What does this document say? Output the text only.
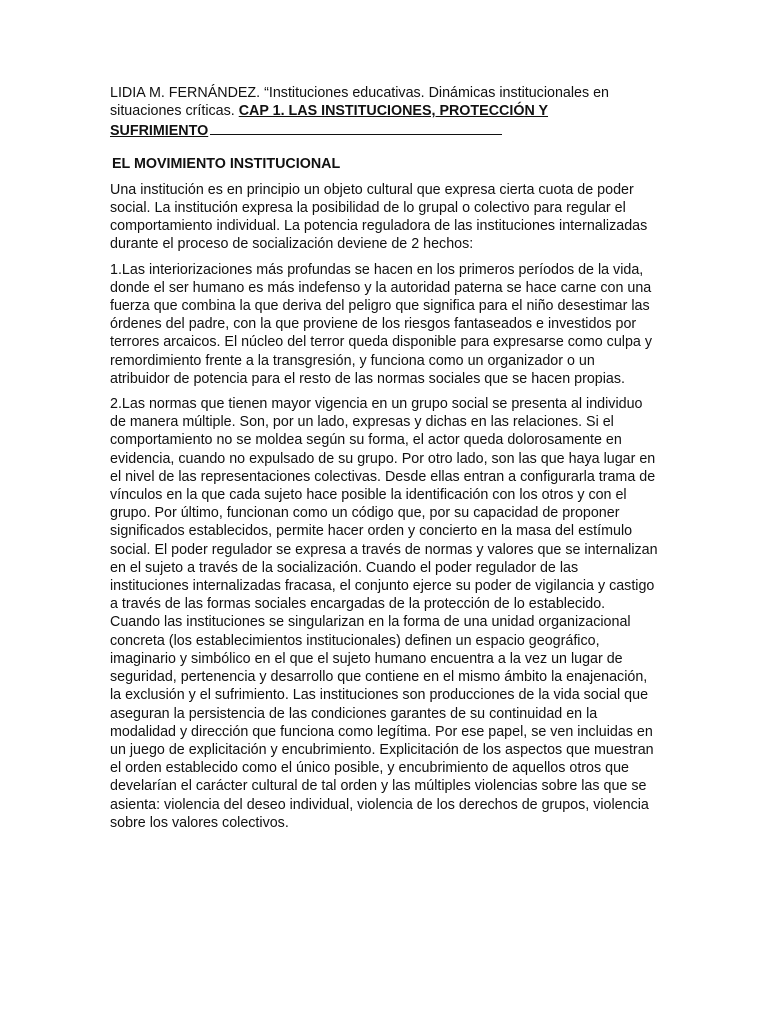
LIDIA M. FERNÁNDEZ. “Instituciones educativas. Dinámicas institucionales en situaciones críticas. CAP 1. LAS INSTITUCIONES, PROTECCIÓN Y
SUFRIMIENTO

EL MOVIMIENTO INSTITUCIONAL

Una institución es en principio un objeto cultural que expresa cierta cuota de poder social. La institución expresa la posibilidad de lo grupal o colectivo para regular el comportamiento individual. La potencia reguladora de las instituciones internalizadas durante el proceso de socialización deviene de 2 hechos:

1.Las interiorizaciones más profundas se hacen en los primeros períodos de la vida, donde el ser humano es más indefenso y la autoridad paterna se hace carne con una fuerza que combina la que deriva del peligro que significa para el niño desestimar las órdenes del padre, con la que proviene de los riesgos fantaseados e investidos por terrores arcaicos. El núcleo del terror queda disponible para expresarse como culpa y remordimiento frente a la transgresión, y funciona como un organizador o un atribuidor de potencia para el resto de las normas sociales que se hacen propias.

2.Las normas que tienen mayor vigencia en un grupo social se presenta al individuo de manera múltiple. Son, por un lado, expresas y dichas en las relaciones. Si el comportamiento no se moldea según su forma, el actor queda dolorosamente en evidencia, cuando no expulsado de su grupo. Por otro lado, son las que haya lugar en el nivel de las representaciones colectivas. Desde ellas entran a configurarla trama de vínculos en la que cada sujeto hace posible la identificación con los otros y con el grupo. Por último, funcionan como un código que, por su capacidad de proponer significados establecidos, permite hacer orden y concierto en la masa del estímulo social. El poder regulador se expresa a través de normas y valores que se internalizan en el sujeto a través de la socialización. Cuando el poder regulador de las instituciones internalizadas fracasa, el conjunto ejerce su poder de vigilancia y castigo a través de las formas sociales encargadas de la protección de lo establecido. Cuando las instituciones se singularizan en la forma de una unidad organizacional concreta (los establecimientos institucionales) definen un espacio geográfico, imaginario y simbólico en el que el sujeto humano encuentra a la vez un lugar de seguridad, pertenencia y desarrollo que contiene en el mismo ámbito la enajenación, la exclusión y el sufrimiento. Las instituciones son producciones de la vida social que aseguran la persistencia de las condiciones garantes de su continuidad en la modalidad y dirección que funciona como legítima. Por ese papel, se ven incluidas en un juego de explicitación y encubrimiento. Explicitación de los aspectos que muestran el orden establecido como el único posible, y encubrimiento de aquellos otros que develarían el carácter cultural de tal orden y las múltiples violencias sobre las que se asienta: violencia del deseo individual, violencia de los derechos de grupos, violencia sobre los valores colectivos.
